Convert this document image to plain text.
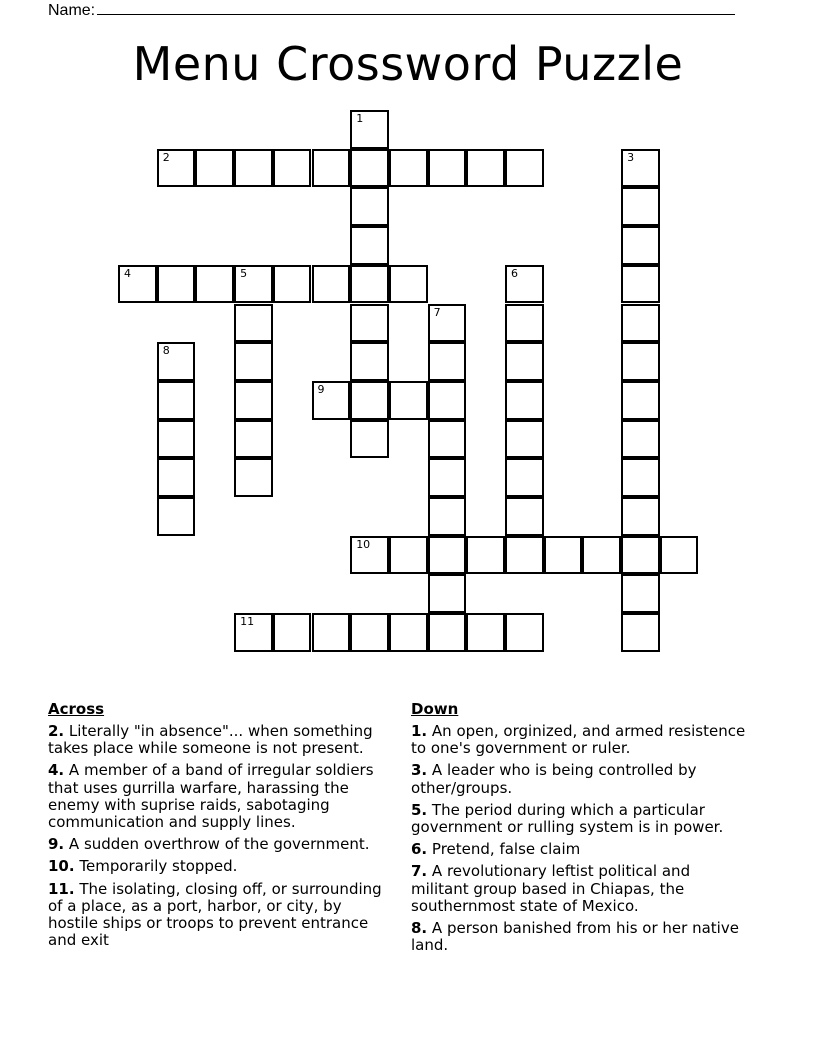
Name:
Menu Crossword Puzzle
1
2	3
4	5	6
7
8
9
10
11
Across
2. Literally "in absence"... when something takes place while someone is not present.
4. A member of a band of irregular soldiers that uses gurrilla warfare, harassing the enemy with suprise raids, sabotaging communication and supply lines.
9. A sudden overthrow of the government.
10. Temporarily stopped.
11. The isolating, closing off, or surrounding of a place, as a port, harbor, or city, by hostile ships or troops to prevent entrance and exit
Down
1. An open, orginized, and armed resistence to one's government or ruler.
3. A leader who is being controlled by other/groups.
5. The period during which a particular government or rulling system is in power.
6. Pretend, false claim
7. A revolutionary leftist political and militant group based in Chiapas, the southernmost state of Mexico.
8. A person banished from his or her native land.
